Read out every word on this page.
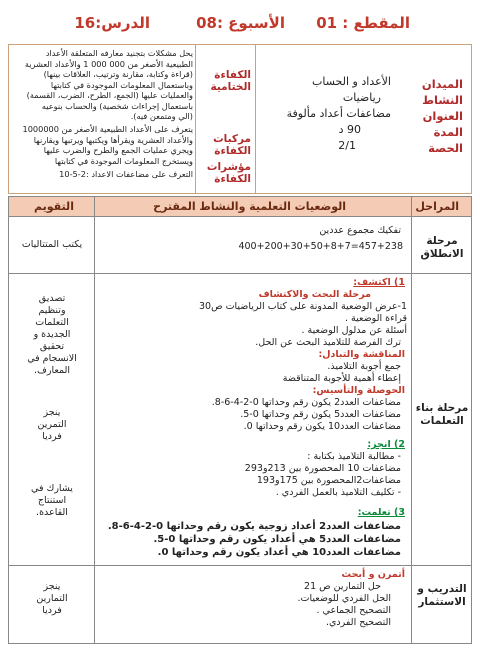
المقطع : 01
الأسبوع :08
الدرس:16
الميدان
النشاط
العنوان
المدة
الحصة
الأعداد و الحساب
رياضيات
مضاعفات أعداد مألوفة
90 د
2/1
الكفاءة الختامية
مركبات الكفاءة
مؤشرات الكفاءة
يحل مشكلات بتجنيد معارفه المتعلقة الأعداد
الطبيعية الأصغر من 000 000 1 والأعداد العشرية
(قراءة وكتابة، مقارنة وترتيب، العلاقات بينها)
وباستعمال المعلومات الموجودة في كتابتها
والعمليات عليها (الجمع، الطرح، الضرب، القسمة)
باستعمال إجراءات شخصية) والحساب بنوعيه
(الي ومتمعن فيه).
يتعرف على الأعداد الطبيعية الأصغر من 1000000
والأعداد العشرية ويقرأها ويكتبها ويرتبها ويقارنها
ويجري عمليات الجمع والطرح والضرب عليها
ويستخرج المعلومات الموجودة في كتابتها
التعرف على مضاعفات الاعداد :2-5-10
المراحل
الوضعيات التعلمية والنشاط المقترح
التقويم
مرحلة الانطلاق
تفكيك مجموع عددين
457+238=400+200+30+50+8+7
يكتب المتتاليات
مرحلة بناء التعلمات
1) اكتشف:
مرحلة البحث والاكتشاف
1-عرض الوضعية المدونة على كتاب الرياضيات ص30
قراءة الوضعية .
أسئلة عن مدلول الوضعية .
ترك الفرصة للتلاميذ البحث عن الحل.
المناقشة والتبادل:
جمع أجوبة التلاميذ.
إعطاء أهمية للأجوبة المتناقضة
الحوصلة والتأسيس:
مضاعفات العدد2 يكون رقم وحداتها 0-2-4-6-8.
مضاعفات العدد5 يكون رقم وحداتها 0-5.
مضاعفات العدد10 يكون رقم وحداتها 0.
2) انجز:
- مطالبة التلاميذ بكتابة :
مضاعفات 10 المحصورة بين 213و293
مضاعفات2المحصورة بين 175و193
- تكليف التلاميذ بالعمل الفردي .
3) تعلمت:
مضاعفات العدد2 أعداد زوجية يكون رقم وحداتها 0-2-4-6-8.
مضاعفات العدد5 هي أعداد يكون رقم وحداتها 0-5.
مضاعفات العدد10 هي أعداد يكون رقم وحداتها 0.
تصديق
وتنظيم
التعلمات
الجديدة و
تحقيق
الانسجام في
المعارف.
ينجز
التمرين
فرديا
يشارك في
استنتاج
القاعدة.
التدريب و الاستثمار
أتمرن و أبحث
حل التمارين ص 21
الحل الفردي للوضعيات.
التصحيح الجماعي .
التصحيح الفردي.
ينجز
التمارين
فرديا
